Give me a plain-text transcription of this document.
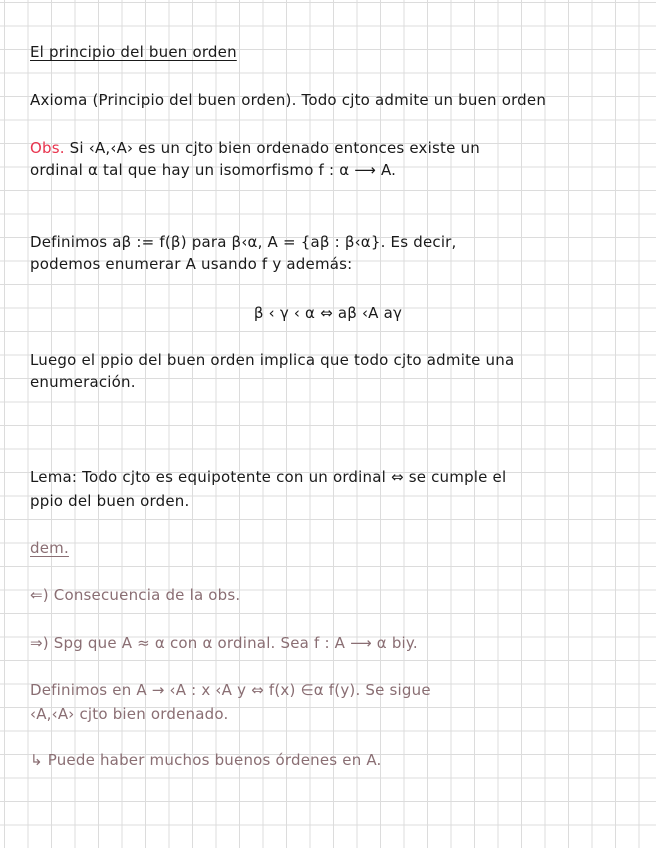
El principio del buen orden
Axioma (Principio del buen orden). Todo cjto admite un buen orden
Obs. Si ‹A,‹A› es un cjto bien ordenado entonces existe un
ordinal α tal que hay un isomorfismo f : α ⟶ A.
Definimos aβ := f(β) para β‹α, A = {aβ : β‹α}. Es decir,
podemos enumerar A usando f y además:
β ‹ γ ‹ α ⇔ aβ ‹A aγ
Luego el ppio del buen orden implica que todo cjto admite una
enumeración.
Lema: Todo cjto es equipotente con un ordinal ⇔ se cumple el
ppio del buen orden.
dem.
⇐) Consecuencia de la obs.
⇒) Spg que A ≈ α con α ordinal. Sea f : A ⟶ α biy.
Definimos en A → ‹A : x ‹A y ⇔ f(x) ∈α f(y). Se sigue
‹A,‹A› cjto bien ordenado.
↳ Puede haber muchos buenos órdenes en A.
